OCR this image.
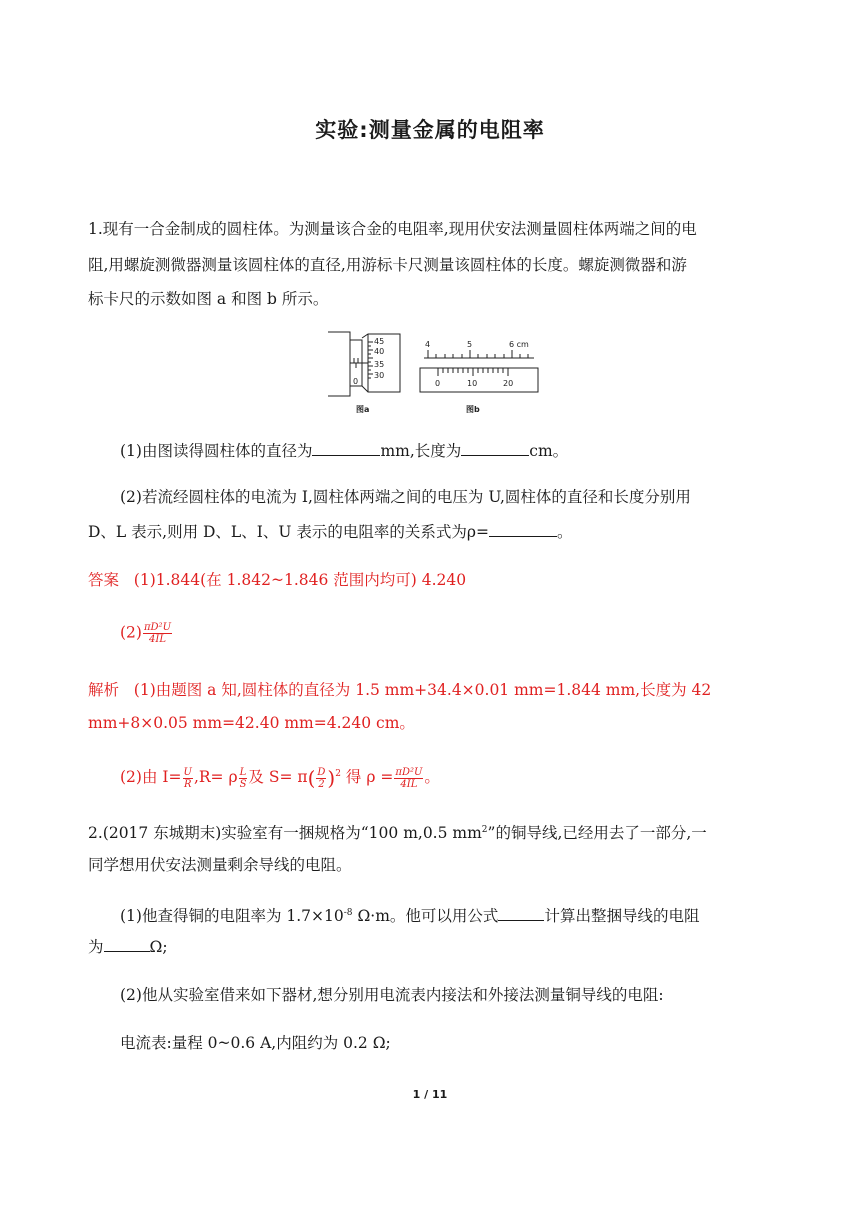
实验:测量金属的电阻率
1.现有一合金制成的圆柱体。为测量该合金的电阻率,现用伏安法测量圆柱体两端之间的电
阻,用螺旋测微器测量该圆柱体的直径,用游标卡尺测量该圆柱体的长度。螺旋测微器和游
标卡尺的示数如图 a 和图 b 所示。
45
40
35
30
0
图a
4	5	6 cm
0	10	20
图b
(1)由图读得圆柱体的直径为	mm,长度为	cm。
(2)若流经圆柱体的电流为 I,圆柱体两端之间的电压为 U,圆柱体的直径和长度分别用
D、L 表示,则用 D、L、I、U 表示的电阻率的关系式为ρ=	。
答案 (1)1.844(在 1.842~1.846 范围内均可) 4.240
$(2) \frac{\text{πD²U}}{4IL}$
解析 (1)由题图 a 知,圆柱体的直径为 1.5 mm+34.4×0.01 mm=1.844 mm,长度为 42
mm+8×0.05 mm=42.40 mm=4.240 cm。
(2)由 $I= \frac{U}{R} ,R= \rho \frac{L}{S}$ 及 $S= \pi( \frac{D}{2} )^2$ 得 $\rho = \frac{\text{πD²U}}{4IL}$ 。
2.(2017 东城期末)实验室有一捆规格为“100 m,0.5 $mm^2$”的铜导线,已经用去了一部分,一
同学想用伏安法测量剩余导线的电阻。
(1)他查得铜的电阻率为 $1.7\times 10^{-8}$ Ω·m。他可以用公式	计算出整捆导线的电阻
为	Ω;
(2)他从实验室借来如下器材,想分别用电流表内接法和外接法测量铜导线的电阻:
电流表:量程 0~0.6 A,内阻约为 0.2 Ω;
1 / 11
